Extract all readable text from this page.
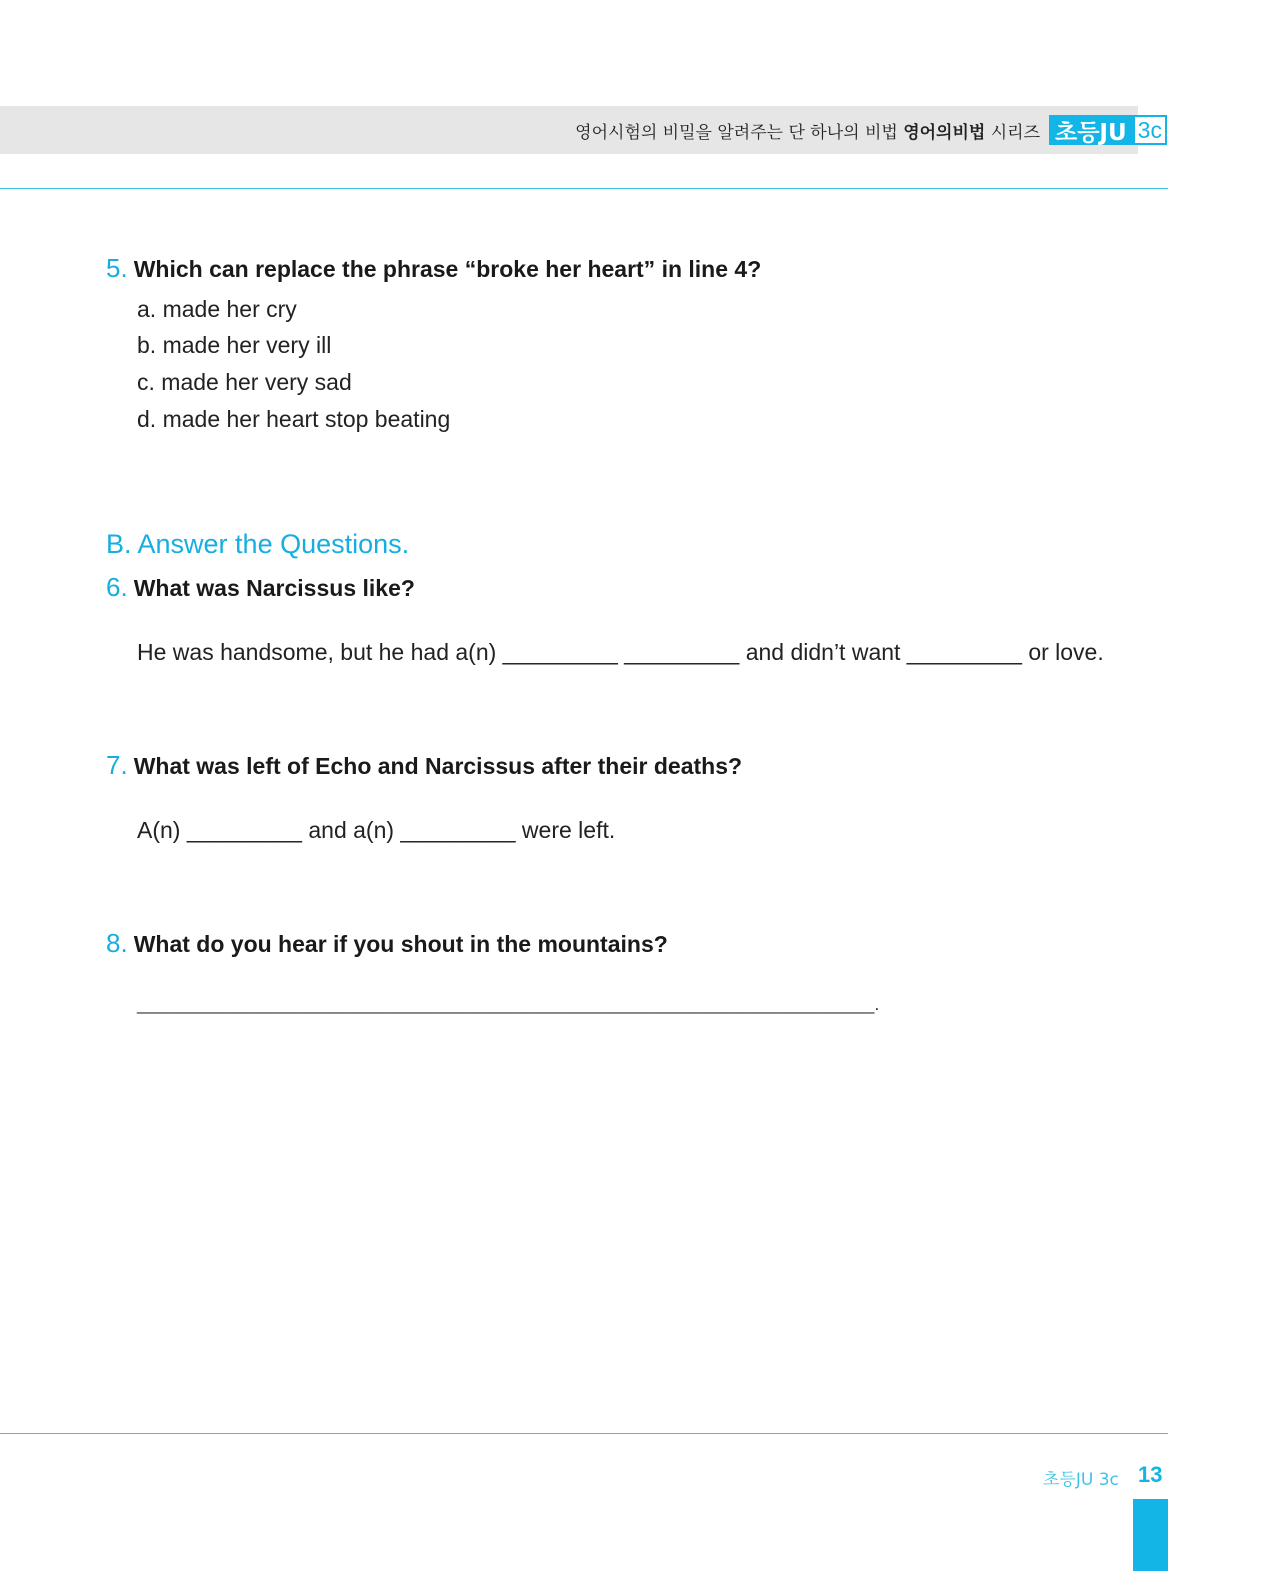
영어시험의 비밀을 알려주는 단 하나의 비법 영어의비법 시리즈 초등JU 3c
5. Which can replace the phrase “broke her heart” in line 4?
a. made her cry
b. made her very ill
c. made her very sad
d. made her heart stop beating
B. Answer the Questions.
6. What was Narcissus like?
He was handsome, but he had a(n) _________ _________ and didn’t want _________ or love.
7. What was left of Echo and Narcissus after their deaths?
A(n) _________ and a(n) _________ were left.
8. What do you hear if you shout in the mountains?
____________________________________________________________________________.
초등JU 3c 13
